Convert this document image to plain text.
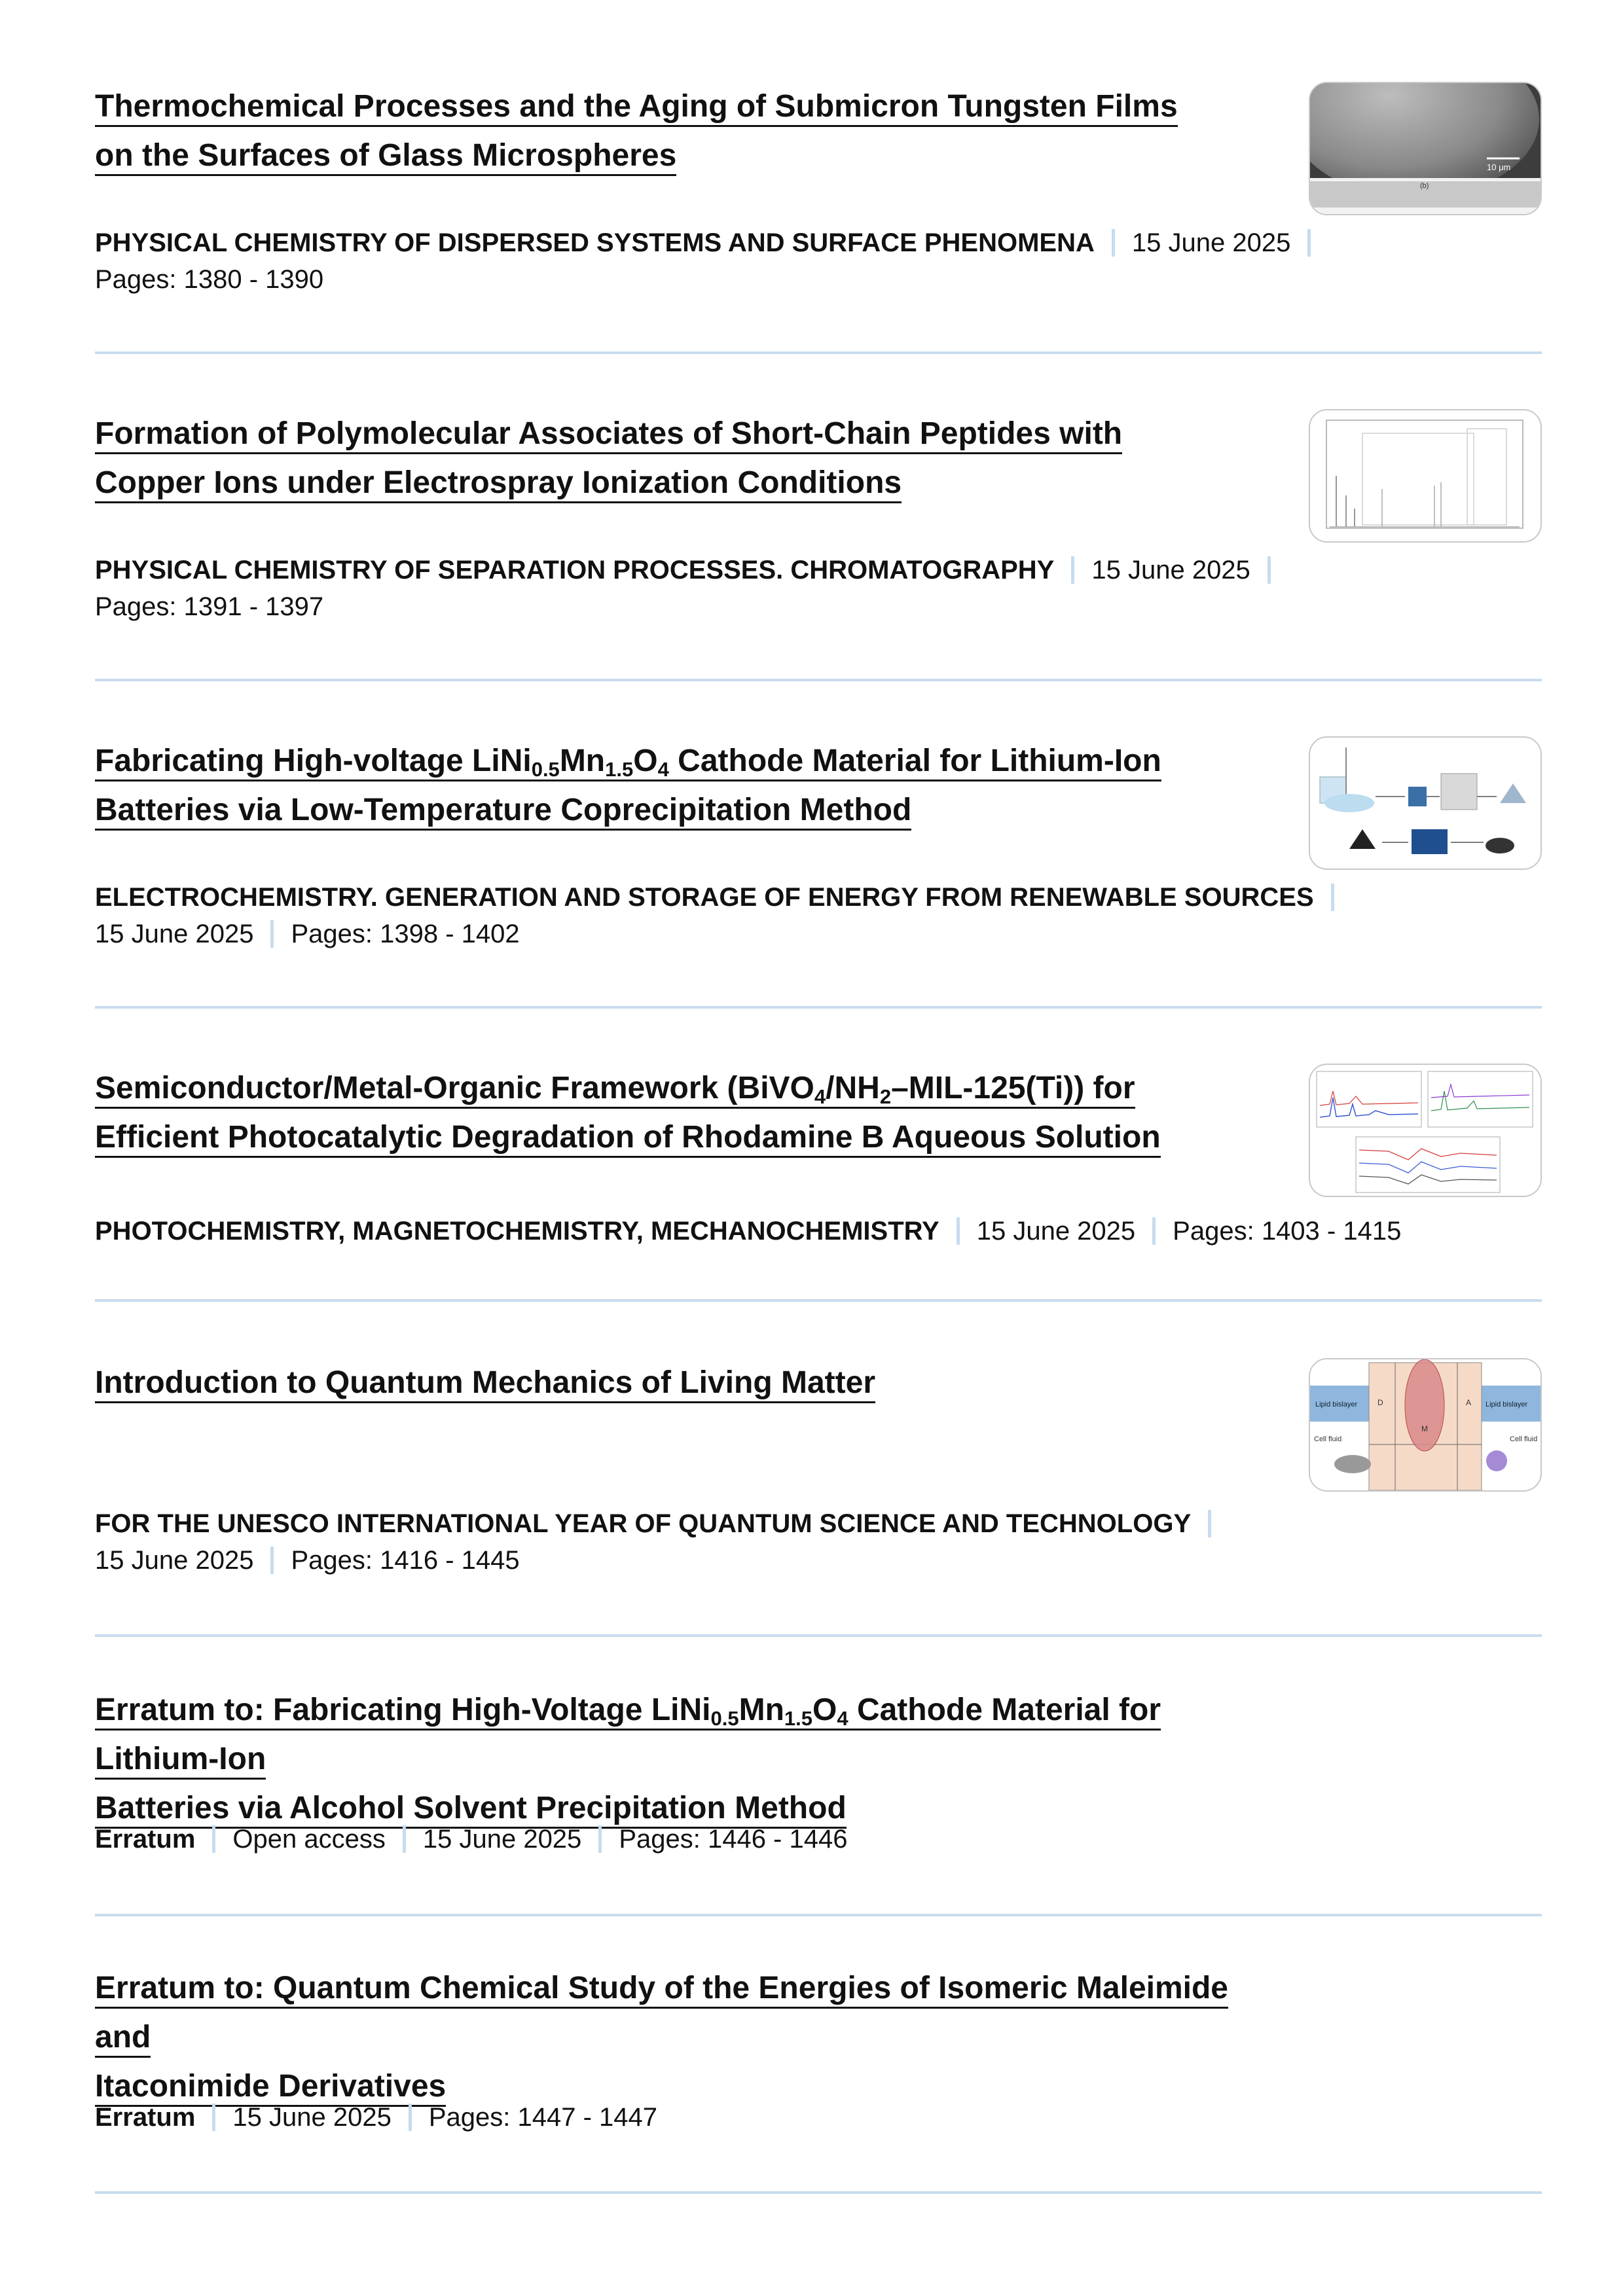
Thermochemical Processes and the Aging of Submicron Tungsten Films
on the Surfaces of Glass Microspheres
PHYSICAL CHEMISTRY OF DISPERSED SYSTEMS AND SURFACE PHENOMENA 15 June 2025
Pages: 1380 - 1390
10 μm
(b)
Formation of Polymolecular Associates of Short-Chain Peptides with
Copper Ions under Electrospray Ionization Conditions
PHYSICAL CHEMISTRY OF SEPARATION PROCESSES. CHROMATOGRAPHY 15 June 2025
Pages: 1391 - 1397
Fabricating High-voltage $LiNi_{0.5}Mn_{1.5}O_4$ Cathode Material for Lithium-Ion
Batteries via Low-Temperature Coprecipitation Method
ELECTROCHEMISTRY. GENERATION AND STORAGE OF ENERGY FROM RENEWABLE SOURCES
15 June 2025 Pages: 1398 - 1402
Semiconductor/Metal-Organic Framework $(BiVO_4/NH_2-MIL-125(Ti))$ for
Efficient Photocatalytic Degradation of Rhodamine B Aqueous Solution
PHOTOCHEMISTRY, MAGNETOCHEMISTRY, MECHANOCHEMISTRY 15 June 2025 Pages: 1403 - 1415
Introduction to Quantum Mechanics of Living Matter
FOR THE UNESCO INTERNATIONAL YEAR OF QUANTUM SCIENCE AND TECHNOLOGY
15 June 2025 Pages: 1416 - 1445
Lipid bislayer	Lipid bislayer
Cell fluid	Cell fluid
D
M
A
Erratum to: Fabricating High-Voltage $LiNi_{0.5}Mn_{1.5}O_4$ Cathode Material for Lithium-Ion
Batteries via Alcohol Solvent Precipitation Method
Erratum Open access 15 June 2025 Pages: 1446 - 1446
Erratum to: Quantum Chemical Study of the Energies of Isomeric Maleimide and
Itaconimide Derivatives
Erratum 15 June 2025 Pages: 1447 - 1447
